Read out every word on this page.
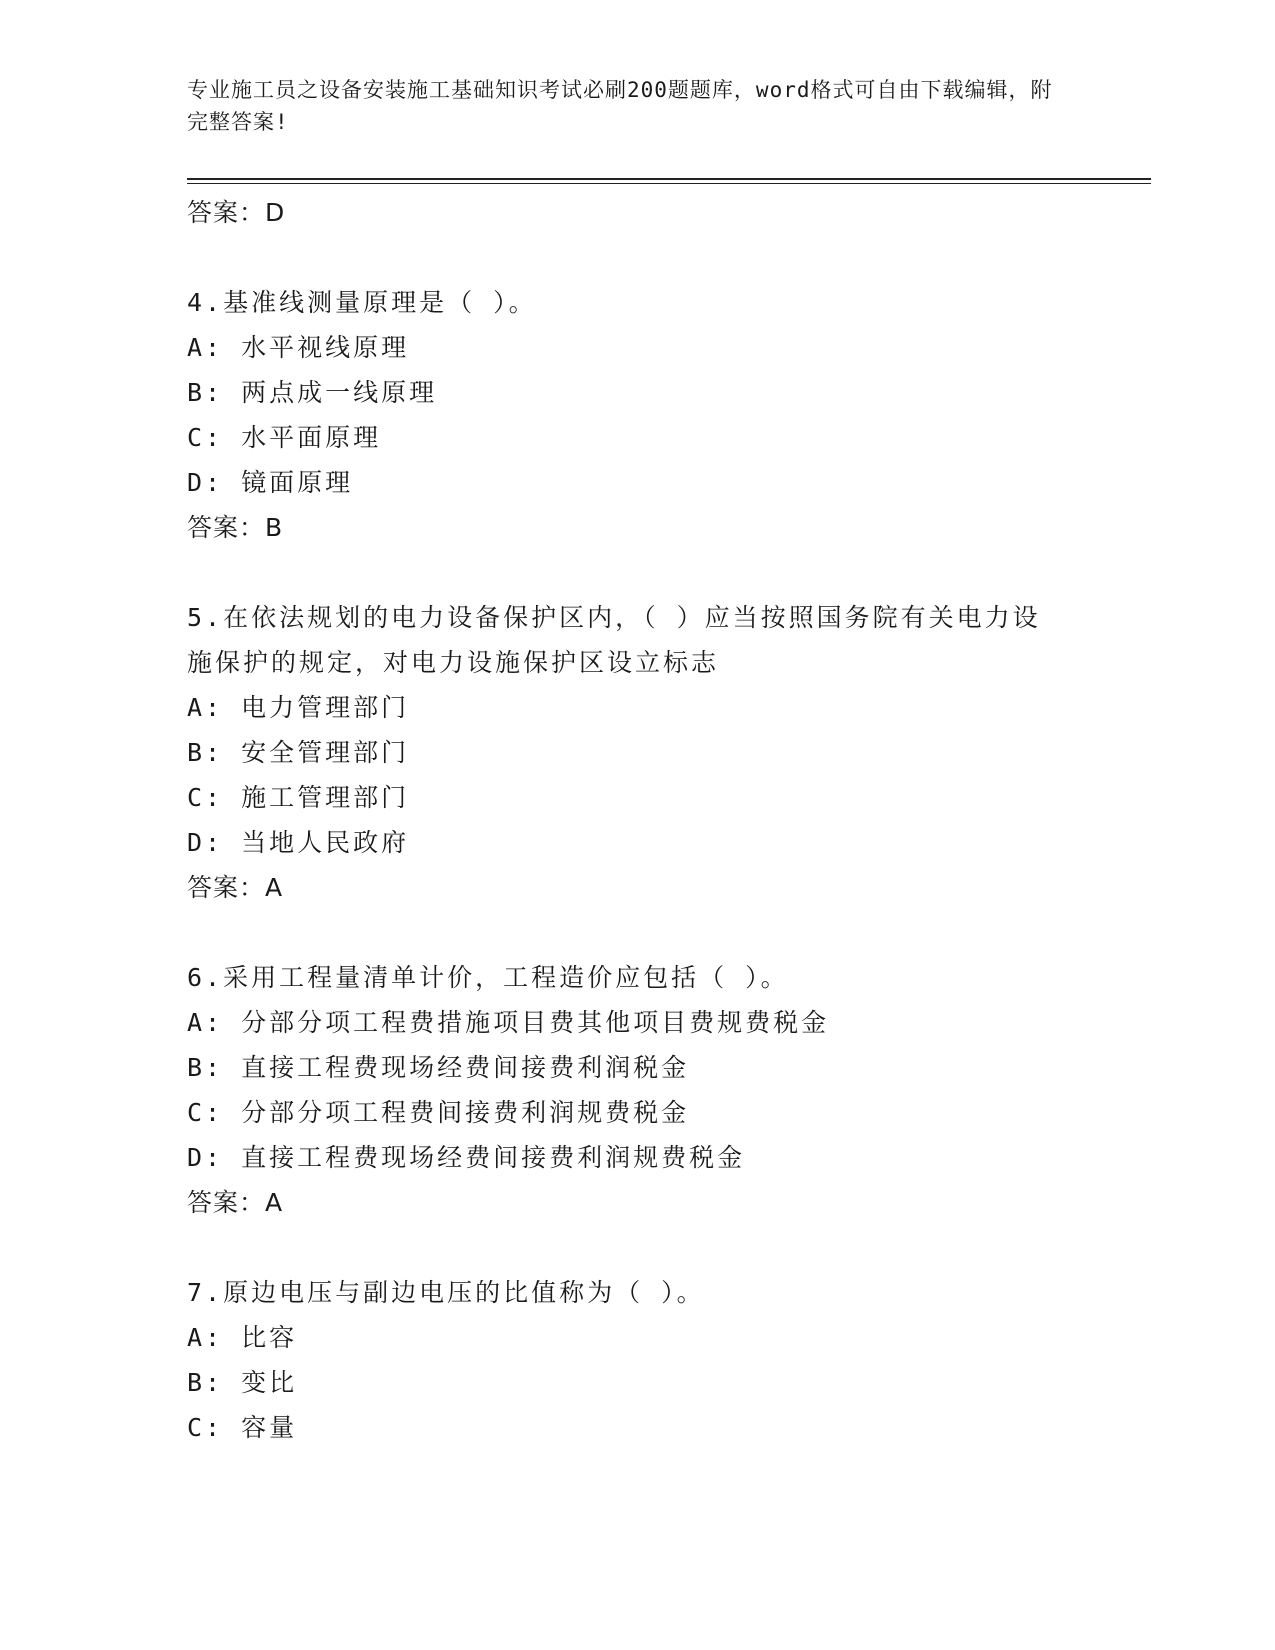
专业施工员之设备安装施工基础知识考试必刷200题题库，word格式可自由下载编辑，附完整答案!
答案：D
4.基准线测量原理是（ ）。
A: 水平视线原理
B: 两点成一线原理
C: 水平面原理
D: 镜面原理
答案：B
5.在依法规划的电力设备保护区内，（ ）应当按照国务院有关电力设
施保护的规定，对电力设施保护区设立标志
A: 电力管理部门
B: 安全管理部门
C: 施工管理部门
D: 当地人民政府
答案：A
6.采用工程量清单计价，工程造价应包括（ ）。
A: 分部分项工程费措施项目费其他项目费规费税金
B: 直接工程费现场经费间接费利润税金
C: 分部分项工程费间接费利润规费税金
D: 直接工程费现场经费间接费利润规费税金
答案：A
7.原边电压与副边电压的比值称为（ ）。
A: 比容
B: 变比
C: 容量
